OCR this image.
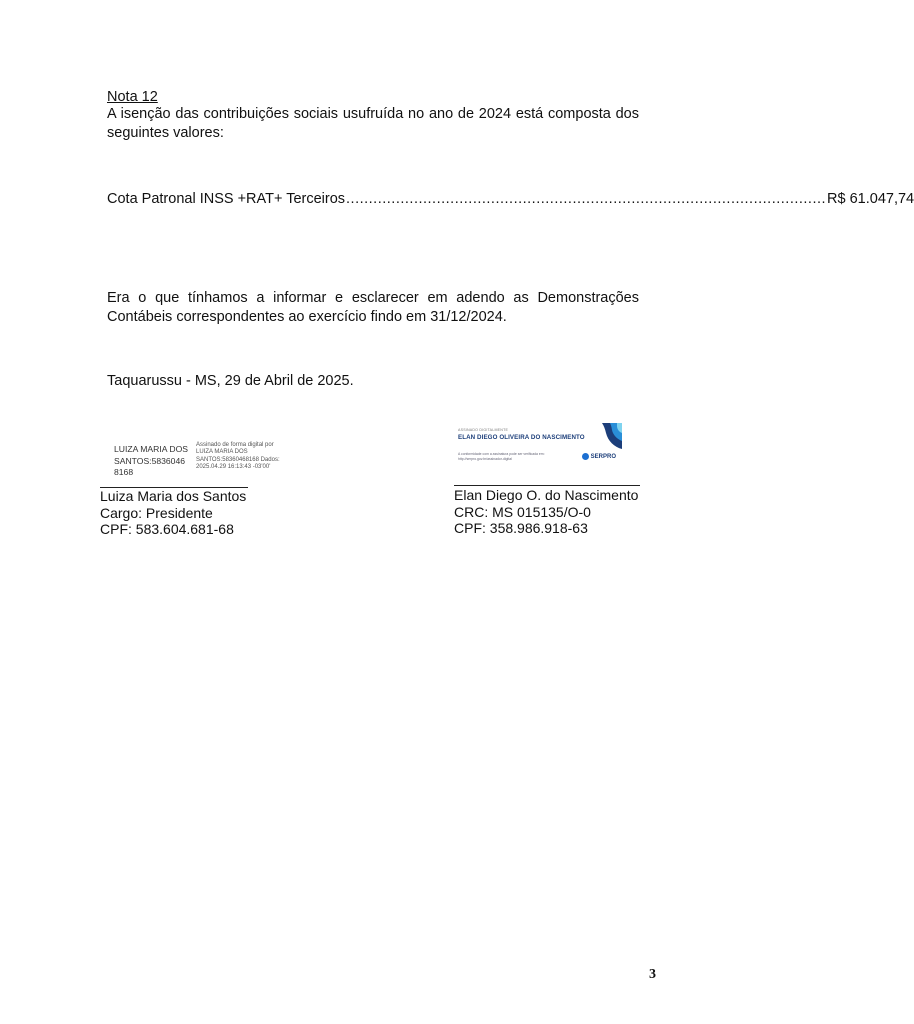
Nota 12
A isenção das contribuições sociais usufruída no ano de 2024 está composta dos seguintes valores:
Cota Patronal INSS +RAT+ Terceiros .......................................................................................................... R$ 61.047,74
Era o que tínhamos a informar e esclarecer em adendo as Demonstrações Contábeis correspondentes ao exercício findo em 31/12/2024.
Taquarussu - MS, 29 de Abril de 2025.
LUIZA MARIA DOS SANTOS:5836046 8168
Assinado de forma digital por LUIZA MARIA DOS SANTOS:58360468168 Dados: 2025.04.29 16:13:43 -03'00'
ASSINADO DIGITALMENTE
ELAN DIEGO OLIVEIRA DO NASCIMENTO
A conformidade com a assinatura pode ser verificada em: http://serpro.gov.br/assinador-digital	SERPRO
Luiza Maria dos Santos
Cargo: Presidente
CPF: 583.604.681-68
Elan Diego O. do Nascimento
CRC: MS 015135/O-0
CPF: 358.986.918-63
3
